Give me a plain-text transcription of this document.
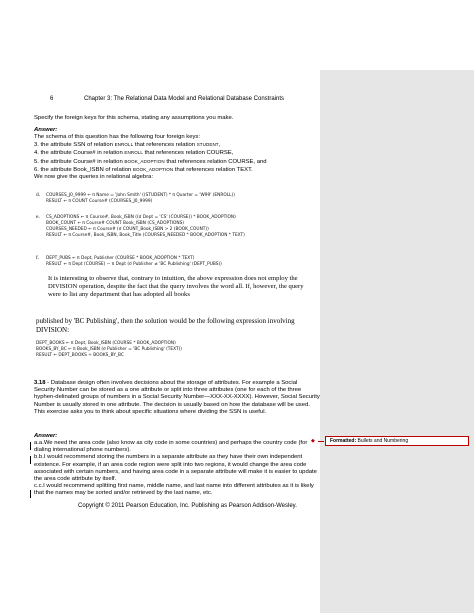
6	Chapter 3: The Relational Data Model and Relational Database Constraints
Specify the foreign keys for this schema, stating any assumptions you make.
Answer:
The schema of this question has the following four foreign keys:
3. the attribute SSN of relation ENROLL that references relation STUDENT,
4. the attribute Course# in relation ENROLL that references relation COURSE,
5. the attribute Course# in relation BOOK_ADOPTION that references relation COURSE, and
6. the attribute Book_ISBN of relation BOOK_ADOPTION that references relation TEXT.
We now give the queries in relational algebra:
d. COURSES_J0_9999 ← π Name = 'John Smith' ((STUDENT) * π Quarter = 'W99' (ENROLL))
RESULT ← π COUNT Course# (COURSES_J0_9999)
e. CS_ADOPTIONS ← π Course#, Book_ISBN ((σ Dept = 'CS' (COURSE)) * BOOK_ADOPTION)
BOOK_COUNT ← π Course# COUNT Book_ISBN (CS_ADOPTIONS)
COURSES_NEEDED ← π Course# (σ COUNT_Book_ISBN > 2 (BOOK_COUNT))
RESULT ← π Course#, Book_ISBN, Book_Title (COURSES_NEEDED * BOOK_ADOPTION * TEXT)
f. DEPT_PUBS ← π Dept, Publisher (COURSE * BOOK_ADOPTION * TEXT)
RESULT ← π Dept (COURSE) − π Dept (σ Publisher ≠ 'BC Publishing' (DEPT_PUBS))
It is interesting to observe that, contrary to intuition, the above expression does not employ the DIVISION operation, despite the fact that the query involves the word all. If, however, the query were to list any department that has adopted all books
published by 'BC Publishing', then the solution would be the following expression involving DIVISION:
DEPT_BOOKS ← π Dept, Book_ISBN (COURSE * BOOK_ADOPTION)
BOOKS_BY_BC ← π Book_ISBN (σ Publisher = 'BC Publishing' (TEXT))
RESULT ← DEPT_BOOKS ÷ BOOKS_BY_BC
3.18 - Database design often involves decisions about the storage of attributes. For example a Social Security Number can be stored as a one attribute or split into three attributes (one for each of the three hyphen-delinated groups of numbers in a Social Security Number—XXX-XX-XXXX). However, Social Security Number is usually stored in one attribute. The decision is usually based on how the database will be used. This exercise asks you to think about specific situations where dividing the SSN is useful.
Answer:
a.a.We need the area code (also know as city code in some countries) and perhaps the country code (for dialing international phone numbers).
b.b.I would recommend storing the numbers in a separate attribute as they have their own independent existence. For example, if an area code region were split into two regions, it would change the area code associated with certain numbers, and having area code in a separate attribute will make it is easier to update the area code attribute by itself.
c.c.I would recommend splitting first name, middle name, and last name into different attributes as it is likely that the names may be sorted and/or retrieved by the last name, etc.
◆	Formatted: Bullets and Numbering
Copyright © 2011 Pearson Education, Inc. Publishing as Pearson Addison-Wesley.
